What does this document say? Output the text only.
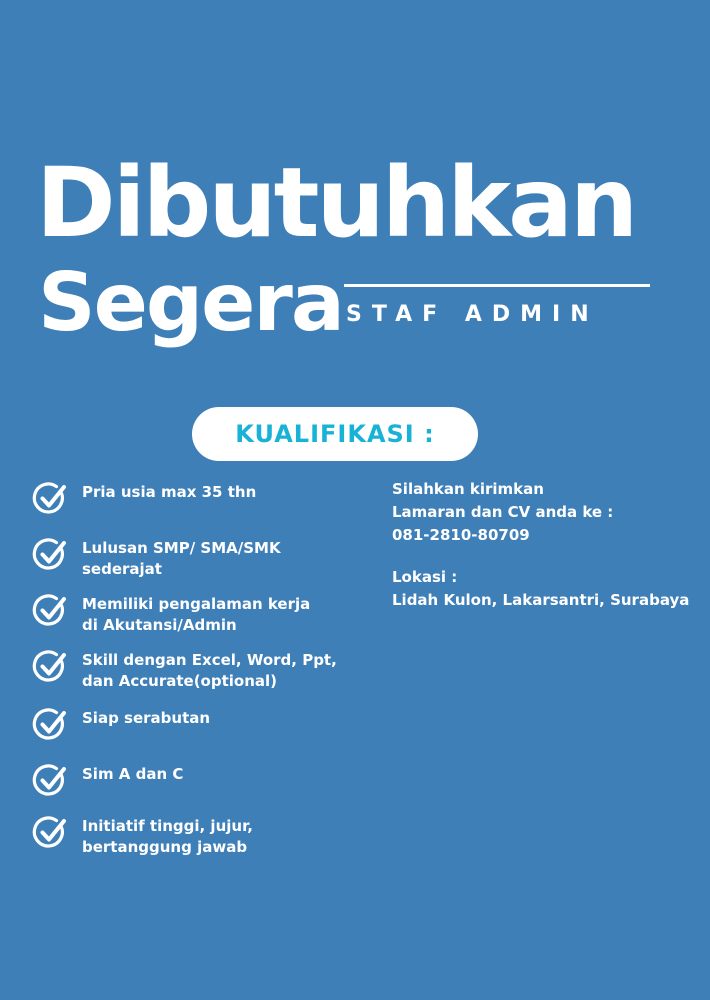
Dibutuhkan
Segera STAF ADMIN
KUALIFIKASI :
Pria usia max 35 thn
Lulusan SMP/ SMA/SMK
sederajat
Memiliki pengalaman kerja
di Akutansi/Admin
Skill dengan Excel, Word, Ppt,
dan Accurate(optional)
Siap serabutan
Sim A dan C
Initiatif tinggi, jujur,
bertanggung jawab
Silahkan kirimkan
Lamaran dan CV anda ke :
081-2810-80709
Lokasi :
Lidah Kulon, Lakarsantri, Surabaya
